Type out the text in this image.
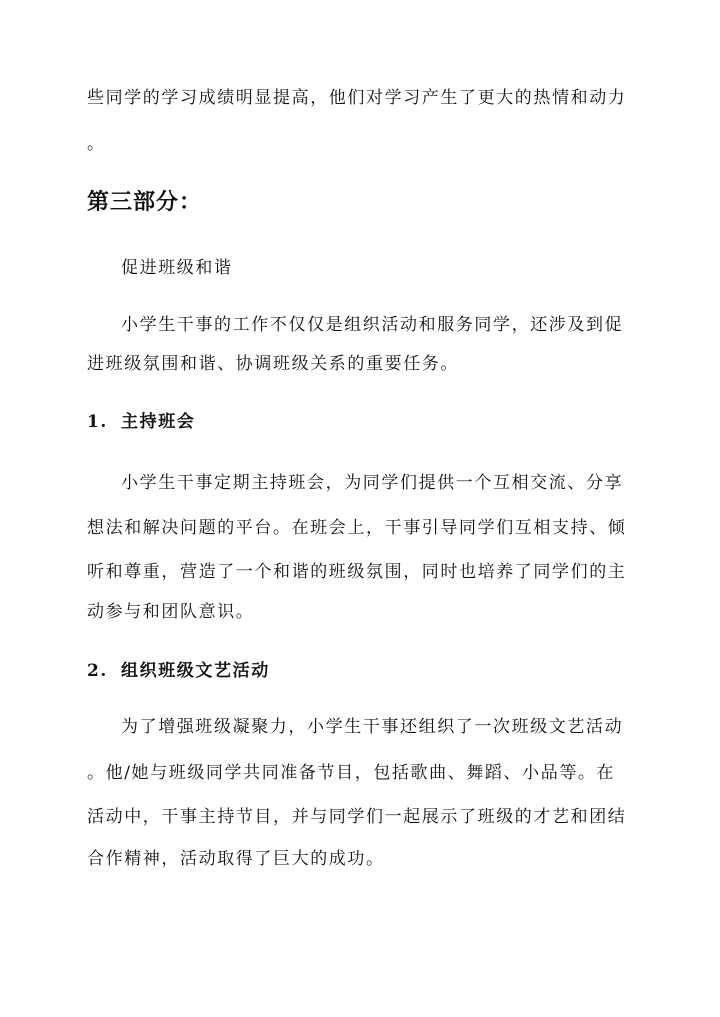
些同学的学习成绩明显提高，他们对学习产生了更大的热情和动力
。
第三部分：
促进班级和谐
小学生干事的工作不仅仅是组织活动和服务同学，还涉及到促
进班级氛围和谐、协调班级关系的重要任务。
1. 主持班会
小学生干事定期主持班会，为同学们提供一个互相交流、分享
想法和解决问题的平台。在班会上，干事引导同学们互相支持、倾
听和尊重，营造了一个和谐的班级氛围，同时也培养了同学们的主
动参与和团队意识。
2. 组织班级文艺活动
为了增强班级凝聚力，小学生干事还组织了一次班级文艺活动
。他/她与班级同学共同准备节目，包括歌曲、舞蹈、小品等。在
活动中，干事主持节目，并与同学们一起展示了班级的才艺和团结
合作精神，活动取得了巨大的成功。
